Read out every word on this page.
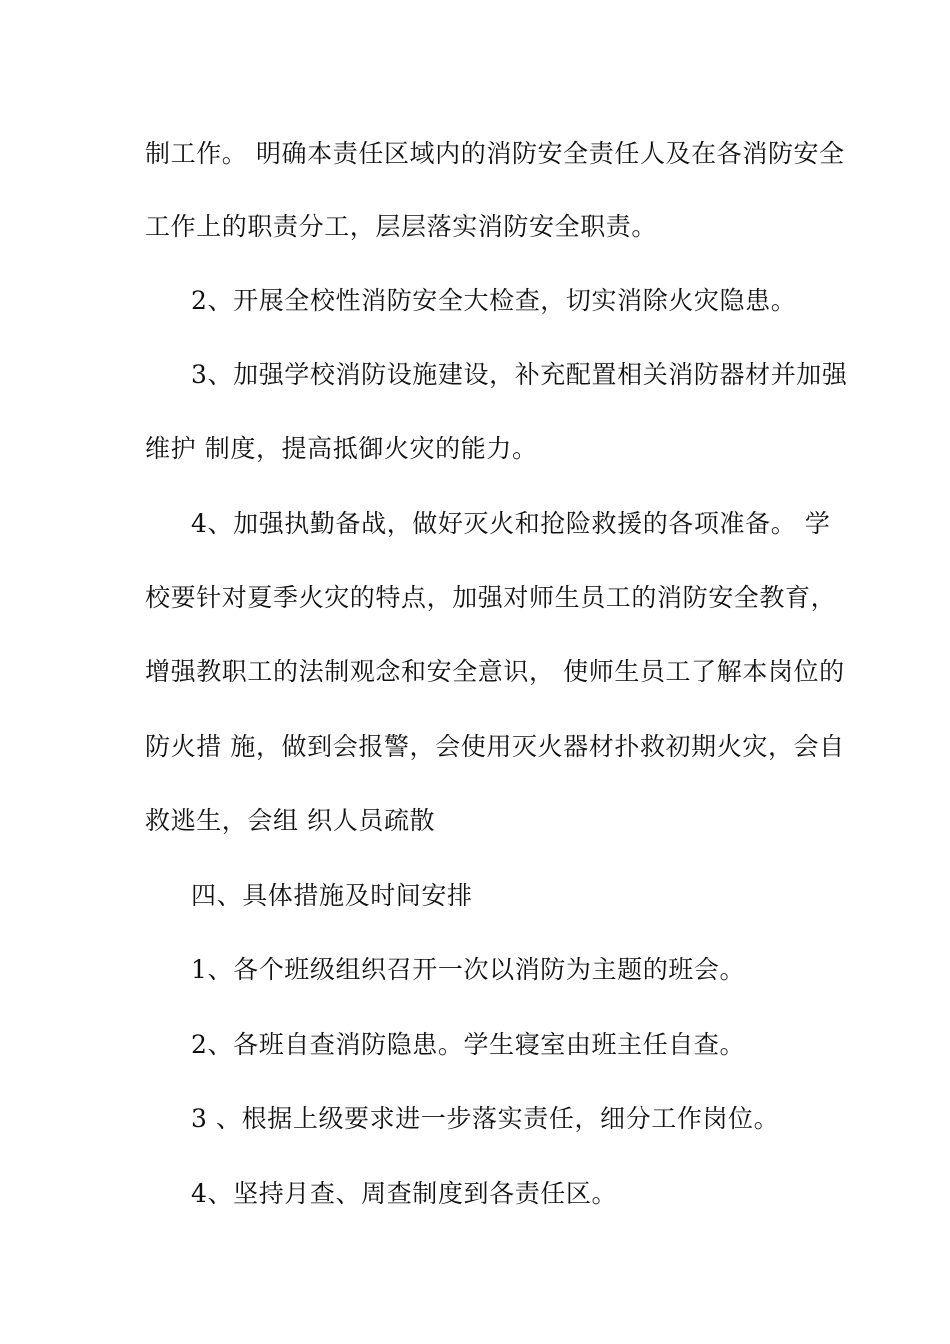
制工作。 明确本责任区域内的消防安全责任人及在各消防安全
工作上的职责分工，层层落实消防安全职责。
2、开展全校性消防安全大检查，切实消除火灾隐患。
3、加强学校消防设施建设，补充配置相关消防器材并加强
维护 制度，提高抵御火灾的能力。
4、加强执勤备战，做好灭火和抢险救援的各项准备。 学
校要针对夏季火灾的特点，加强对师生员工的消防安全教育，
增强教职工的法制观念和安全意识， 使师生员工了解本岗位的
防火措 施，做到会报警，会使用灭火器材扑救初期火灾，会自
救逃生，会组 织人员疏散
四、具体措施及时间安排
1、各个班级组织召开一次以消防为主题的班会。
2、各班自查消防隐患。学生寝室由班主任自查。
3 、根据上级要求进一步落实责任，细分工作岗位。
4、坚持月查、周查制度到各责任区。
